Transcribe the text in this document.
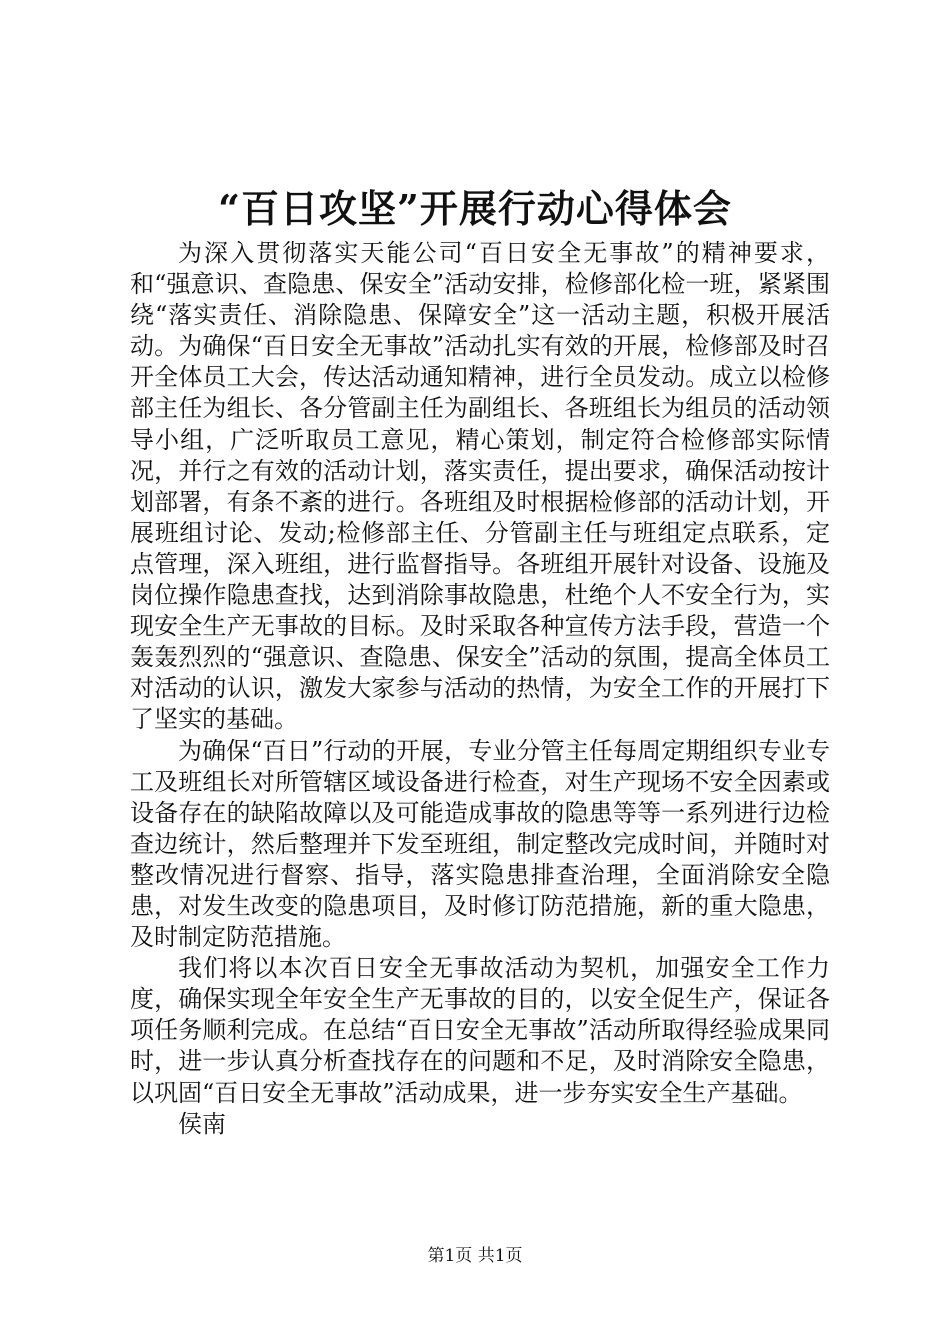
“百日攻坚”开展行动心得体会

为深入贯彻落实天能公司“百日安全无事故”的精神要求，和“强意识、查隐患、保安全”活动安排，检修部化检一班，紧紧围绕“落实责任、消除隐患、保障安全”这一活动主题，积极开展活动。为确保“百日安全无事故”活动扎实有效的开展，检修部及时召开全体员工大会，传达活动通知精神，进行全员发动。成立以检修部主任为组长、各分管副主任为副组长、各班组长为组员的活动领导小组，广泛听取员工意见，精心策划，制定符合检修部实际情况，并行之有效的活动计划，落实责任，提出要求，确保活动按计划部署，有条不紊的进行。各班组及时根据检修部的活动计划，开展班组讨论、发动;检修部主任、分管副主任与班组定点联系，定点管理，深入班组，进行监督指导。各班组开展针对设备、设施及岗位操作隐患查找，达到消除事故隐患，杜绝个人不安全行为，实现安全生产无事故的目标。及时采取各种宣传方法手段，营造一个轰轰烈烈的“强意识、查隐患、保安全”活动的氛围，提高全体员工对活动的认识，激发大家参与活动的热情，为安全工作的开展打下了坚实的基础。

为确保“百日”行动的开展，专业分管主任每周定期组织专业专工及班组长对所管辖区域设备进行检查，对生产现场不安全因素或设备存在的缺陷故障以及可能造成事故的隐患等等一系列进行边检查边统计，然后整理并下发至班组，制定整改完成时间，并随时对整改情况进行督察、指导，落实隐患排查治理，全面消除安全隐患，对发生改变的隐患项目，及时修订防范措施，新的重大隐患，及时制定防范措施。

我们将以本次百日安全无事故活动为契机，加强安全工作力度，确保实现全年安全生产无事故的目的，以安全促生产，保证各项任务顺利完成。在总结“百日安全无事故”活动所取得经验成果同时，进一步认真分析查找存在的问题和不足，及时消除安全隐患，以巩固“百日安全无事故”活动成果，进一步夯实安全生产基础。

侯南

第1页 共1页
